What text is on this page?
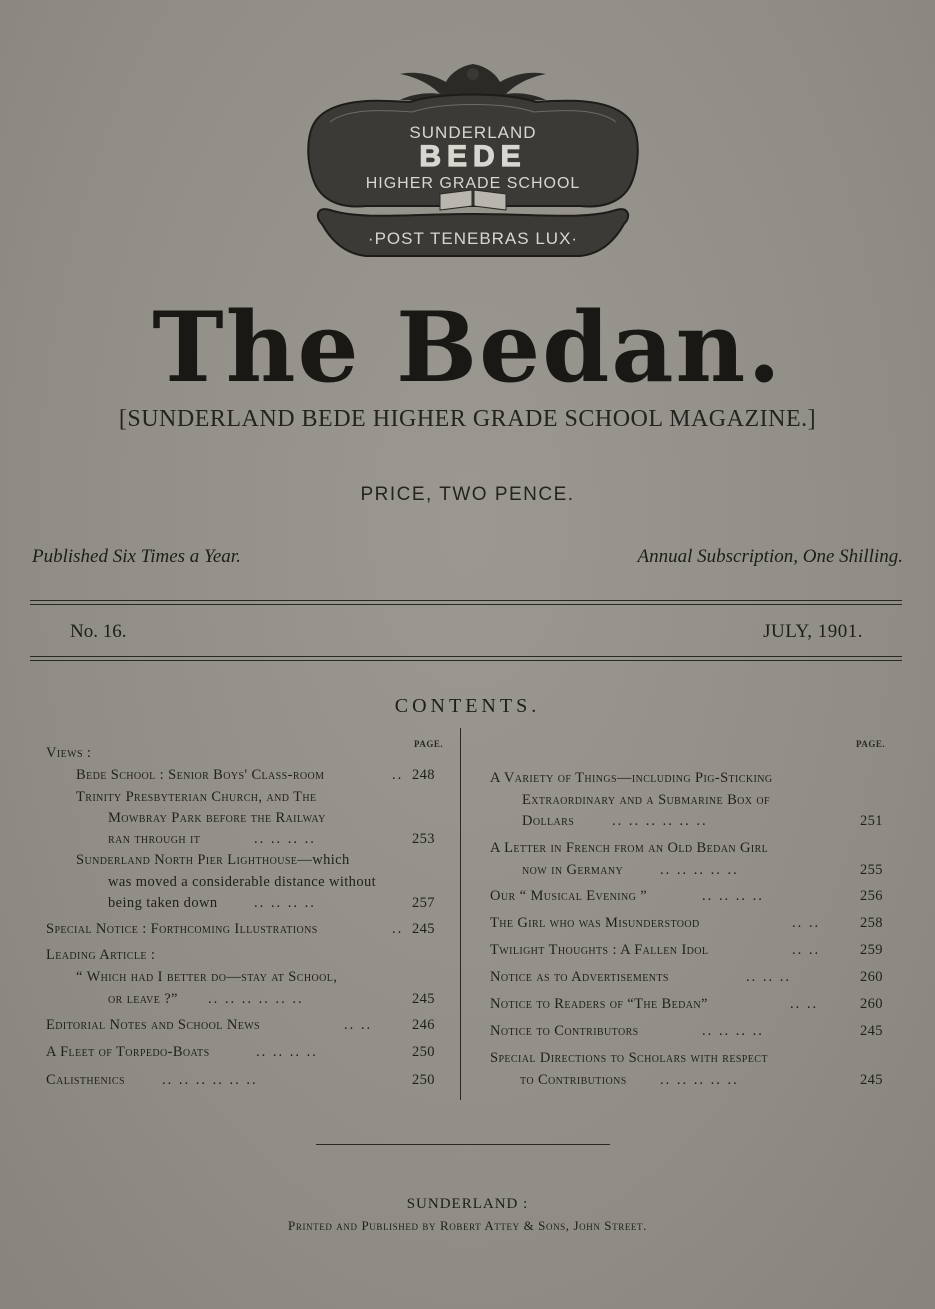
SUNDERLAND
BEDE
HIGHER GRADE SCHOOL
·POST TENEBRAS LUX·
The Bedan.
[SUNDERLAND BEDE HIGHER GRADE SCHOOL MAGAZINE.]
PRICE, TWO PENCE.
Published Six Times a Year.	Annual Subscription, One Shilling.
No. 16.	JULY, 1901.
CONTENTS.
PAGE.	PAGE.
Views :
Bede School : Senior Boys' Class-room	.. 248
Trinity Presbyterian Church, and The
Mowbray Park before the Railway
ran through it	.. .. .. ..	253
Sunderland North Pier Lighthouse—which
was moved a considerable distance without
being taken down	.. .. .. ..	257
Special Notice : Forthcoming Illustrations	.. 245
Leading Article :
“ Which had I better do—stay at School,
or leave ?” .. .. .. .. .. ..	245
Editorial Notes and School News	.. ..	246
A Fleet of Torpedo-Boats	.. .. .. ..	250
Calisthenics	.. .. .. .. .. ..	250
A Variety of Things—including Pig-Sticking
Extraordinary and a Submarine Box of
Dollars	.. .. .. .. .. ..	251
A Letter in French from an Old Bedan Girl
now in Germany	.. .. .. .. ..	255
Our “ Musical Evening ”	.. .. .. ..	256
The Girl who was Misunderstood	.. ..	258
Twilight Thoughts : A Fallen Idol	.. ..	259
Notice as to Advertisements	.. .. ..	260
Notice to Readers of “The Bedan”	.. ..	260
Notice to Contributors	.. .. .. ..	245
Special Directions to Scholars with respect
to Contributions .. .. .. .. ..	245
SUNDERLAND :
Printed and Published by Robert Attey & Sons, John Street.
